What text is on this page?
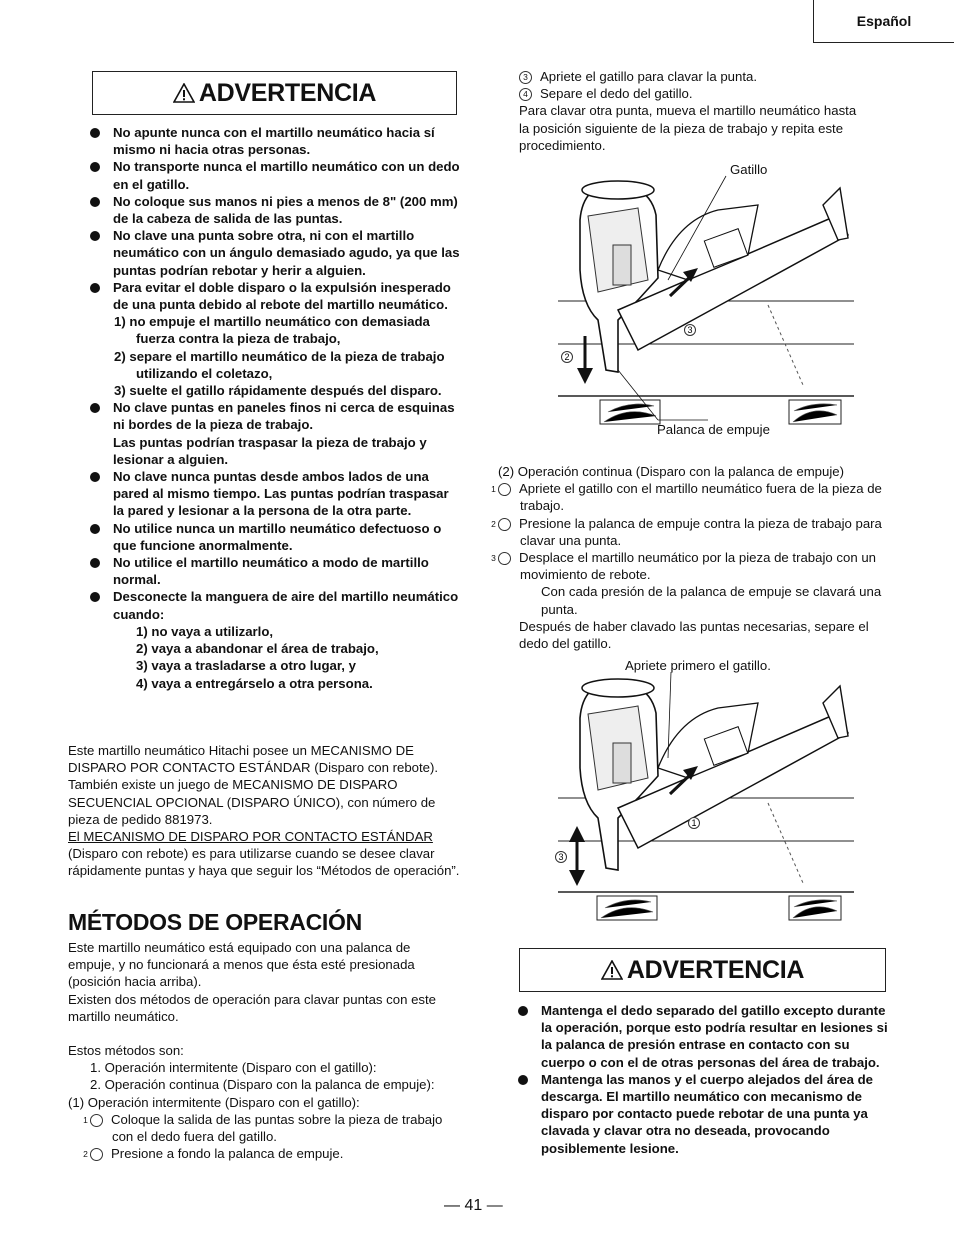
Español
ADVERTENCIA
No apunte nunca con el martillo neumático hacia sí mismo ni hacia otras personas.
No transporte nunca el martillo neumático con un dedo en el gatillo.
No coloque sus manos ni pies a menos de 8" (200 mm) de la cabeza de salida de las puntas.
No clave una punta sobre otra, ni con el martillo neumático con un ángulo demasiado agudo, ya que las puntas podrían rebotar y herir a alguien.
Para evitar el doble disparo o la expulsión inesperado de una punta debido al rebote del martillo neumático.
1) no empuje el martillo neumático con demasiada fuerza contra la pieza de trabajo,
2) separe el martillo neumático de la pieza de trabajo utilizando el coletazo,
3) suelte el gatillo rápidamente después del disparo.
No clave puntas en paneles finos ni cerca de esquinas ni bordes de la pieza de trabajo.
Las puntas podrían traspasar la pieza de trabajo y lesionar a alguien.
No clave nunca puntas desde ambos lados de una pared al mismo tiempo. Las puntas podrían traspasar la pared y lesionar a la persona de la otra parte.
No utilice nunca un martillo neumático defectuoso o que funcione anormalmente.
No utilice el martillo neumático a modo de martillo normal.
Desconecte la manguera de aire del martillo neumático cuando:
1) no vaya a utilizarlo,
2) vaya a abandonar el área de trabajo,
3) vaya a trasladarse a otro lugar, y
4) vaya a entregárselo a otra persona.

Este martillo neumático Hitachi posee un MECANISMO DE DISPARO POR CONTACTO ESTÁNDAR (Disparo con rebote). También existe un juego de MECANISMO DE DISPARO SECUENCIAL OPCIONAL (DISPARO ÚNICO), con número de pieza de pedido 881973.

El MECANISMO DE DISPARO POR CONTACTO ESTÁNDAR (Disparo con rebote) es para utilizarse cuando se desee clavar rápidamente puntas y haya que seguir los “Métodos de operación”.

MÉTODOS DE OPERACIÓN

Este martillo neumático está equipado con una palanca de empuje, y no funcionará a menos que ésta esté presionada (posición hacia arriba).

Existen dos métodos de operación para clavar puntas con este martillo neumático.

Estos métodos son:

1. Operación intermitente (Disparo con el gatillo):

2. Operación continua (Disparo con la palanca de empuje):

(1) Operación intermitente (Disparo con el gatillo):

1 Coloque la salida de las puntas sobre la pieza de trabajo con el dedo fuera del gatillo.

2 Presione a fondo la palanca de empuje.

3 Apriete el gatillo para clavar la punta.

4 Separe el dedo del gatillo.

Para clavar otra punta, mueva el martillo neumático hasta la posición siguiente de la pieza de trabajo y repita este procedimiento.

3
2
Gatillo
Palanca de empuje

(2) Operación continua (Disparo con la palanca de empuje)

1 Apriete el gatillo con el martillo neumático fuera de la pieza de trabajo.

2 Presione la palanca de empuje contra la pieza de trabajo para clavar una punta.

3 Desplace el martillo neumático por la pieza de trabajo con un movimiento de rebote.

Con cada presión de la palanca de empuje se clavará una punta.

Después de haber clavado las puntas necesarias, separe el dedo del gatillo.

1
3
Apriete primero el gatillo.
ADVERTENCIA
Mantenga el dedo separado del gatillo excepto durante la operación, porque esto podría resultar en lesiones si la palanca de presión entrase en contacto con su cuerpo o con el de otras personas del área de trabajo.
Mantenga las manos y el cuerpo alejados del área de descarga. El martillo neumático con mecanismo de disparo por contacto puede rebotar de una punta ya clavada y clavar otra no deseada, provocando posiblemente lesione.
— 41 —
